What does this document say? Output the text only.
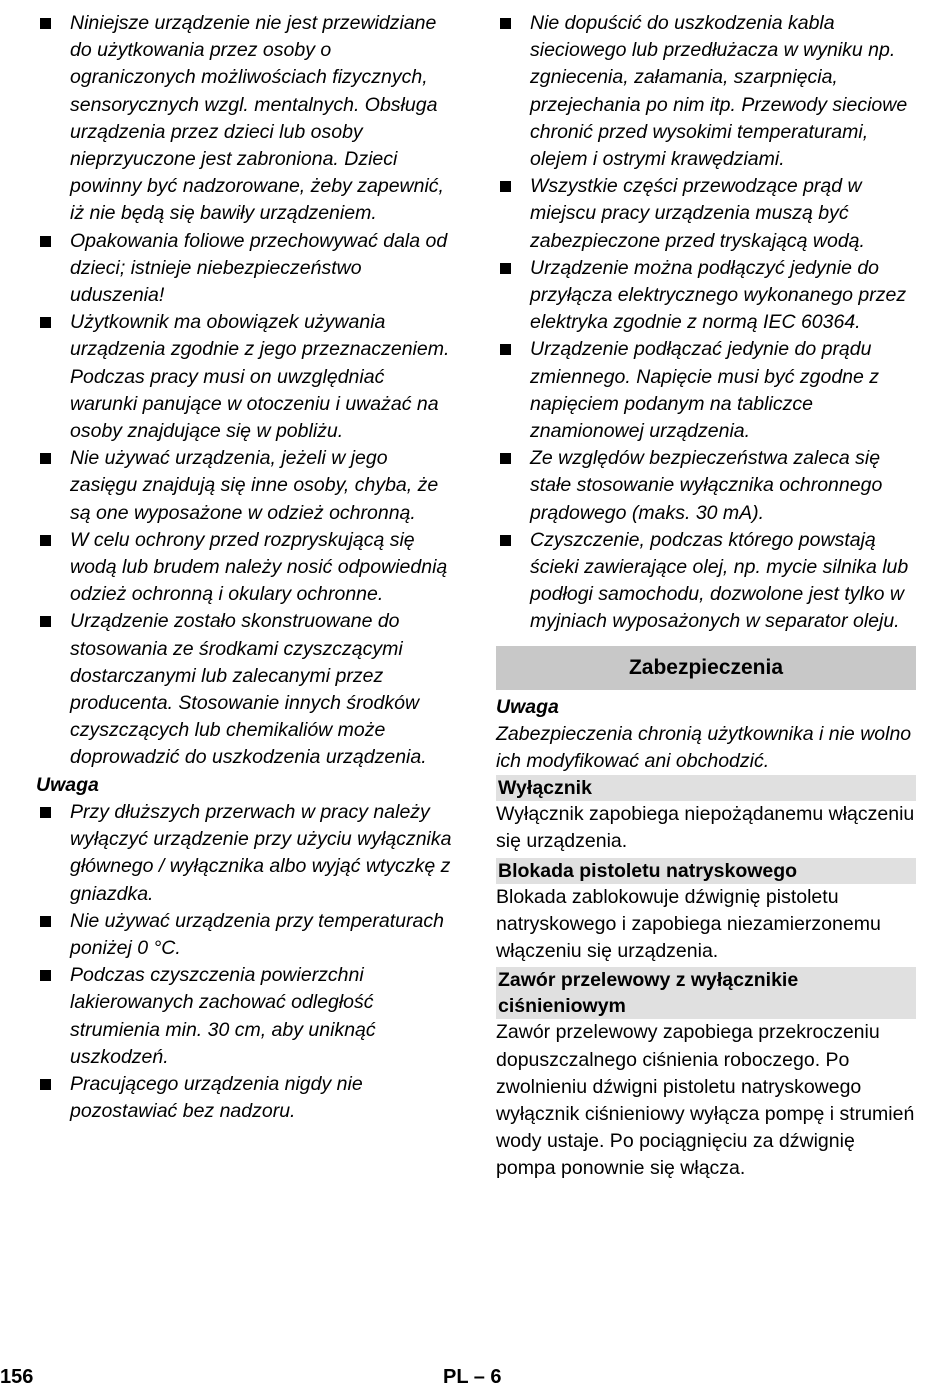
Niniejsze urządzenie nie jest przewidziane do użytkowania przez osoby o ograniczonych możliwościach fizycznych, sensorycznych wzgl. mentalnych. Obsługa urządzenia przez dzieci lub osoby nieprzyuczone jest zabroniona. Dzieci powinny być nadzorowane, żeby zapewnić, iż nie będą się bawiły urządzeniem.
Opakowania foliowe przechowywać dala od dzieci; istnieje niebezpieczeństwo uduszenia!
Użytkownik ma obowiązek używania urządzenia zgodnie z jego przeznaczeniem. Podczas pracy musi on uwzględniać warunki panujące w otoczeniu i uważać na osoby znajdujące się w pobliżu.
Nie używać urządzenia, jeżeli w jego zasięgu znajdują się inne osoby, chyba, że są one wyposażone w odzież ochronną.
W celu ochrony przed rozpryskującą się wodą lub brudem należy nosić odpowiednią odzież ochronną i okulary ochronne.
Urządzenie zostało skonstruowane do stosowania ze środkami czyszczącymi dostarczanymi lub zalecanymi przez producenta. Stosowanie innych środków czyszczących lub chemikaliów może doprowadzić do uszkodzenia urządzenia.
Uwaga
Przy dłuższych przerwach w pracy należy wyłączyć urządzenie przy użyciu wyłącznika głównego / wyłącznika albo wyjąć wtyczkę z gniazdka.
Nie używać urządzenia przy temperaturach poniżej 0 °C.
Podczas czyszczenia powierzchni lakierowanych zachować odległość strumienia min. 30 cm, aby uniknąć uszkodzeń.
Pracującego urządzenia nigdy nie pozostawiać bez nadzoru.
Nie dopuścić do uszkodzenia kabla sieciowego lub przedłużacza w wyniku np. zgniecenia, załamania, szarpnięcia, przejechania po nim itp. Przewody sieciowe chronić przed wysokimi temperaturami, olejem i ostrymi krawędziami.
Wszystkie części przewodzące prąd w miejscu pracy urządzenia muszą być zabezpieczone przed tryskającą wodą.
Urządzenie można podłączyć jedynie do przyłącza elektrycznego wykonanego przez elektryka zgodnie z normą IEC 60364.
Urządzenie podłączać jedynie do prądu zmiennego. Napięcie musi być zgodne z napięciem podanym na tabliczce znamionowej urządzenia.
Ze względów bezpieczeństwa zaleca się stałe stosowanie wyłącznika ochronnego prądowego (maks. 30 mA).
Czyszczenie, podczas którego powstają ścieki zawierające olej, np. mycie silnika lub podłogi samochodu, dozwolone jest tylko w myjniach wyposażonych w separator oleju.
Zabezpieczenia
Uwaga

Zabezpieczenia chronią użytkownika i nie wolno ich modyfikować ani obchodzić.

Wyłącznik

Wyłącznik zapobiega niepożądanemu włączeniu się urządzenia.

Blokada pistoletu natryskowego

Blokada zablokowuje dźwignię pistoletu natryskowego i zapobiega niezamierzonemu włączeniu się urządzenia.

Zawór przelewowy z wyłącznikie ciśnieniowym

Zawór przelewowy zapobiega przekroczeniu dopuszczalnego ciśnienia roboczego. Po zwolnieniu dźwigni pistoletu natryskowego wyłącznik ciśnieniowy wyłącza pompę i strumień wody ustaje. Po pociągnięciu za dźwignię pompa ponownie się włącza.

156	PL – 6
